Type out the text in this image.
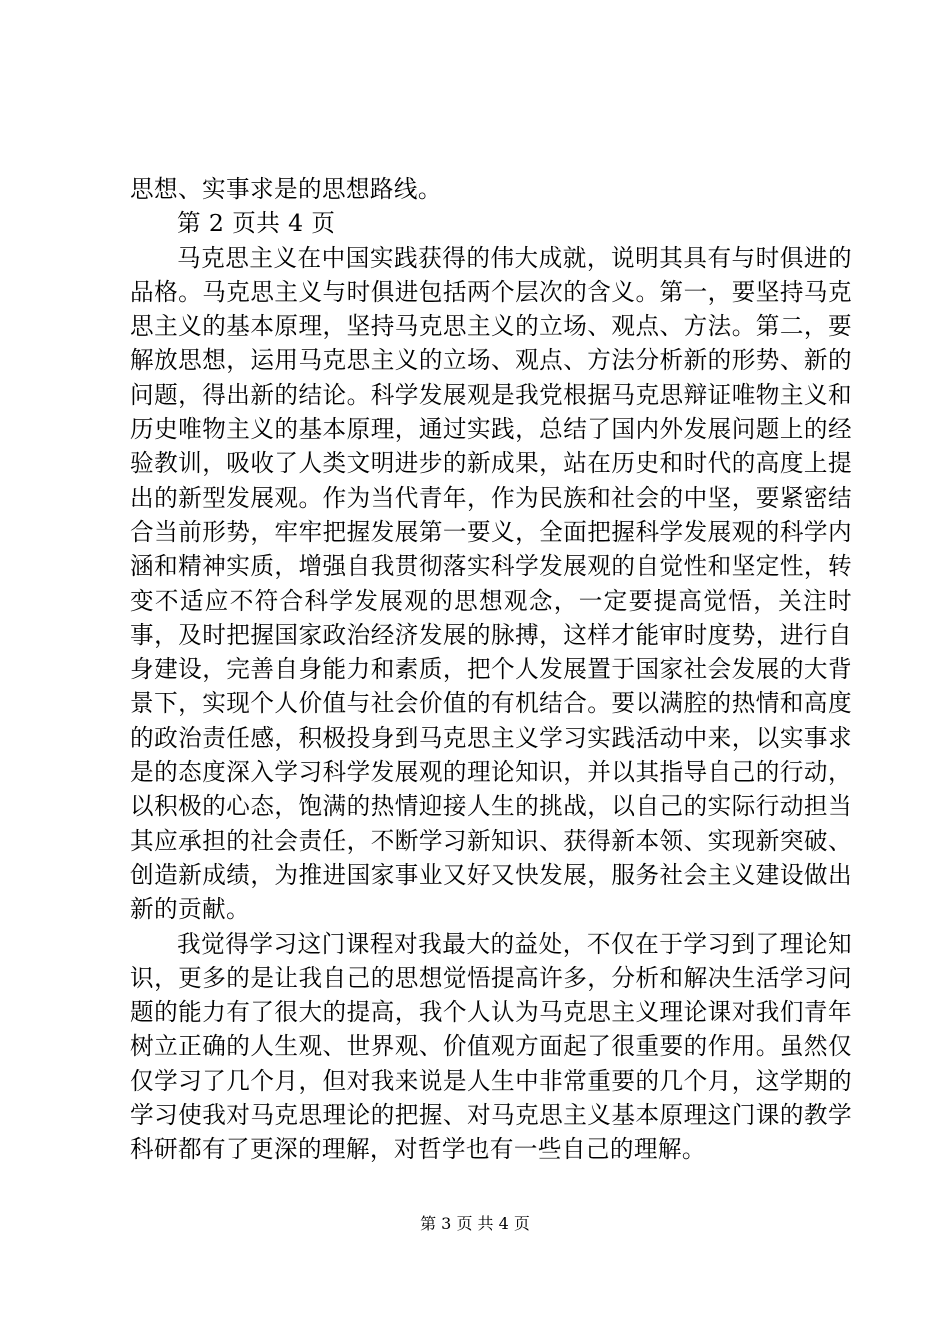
思想、实事求是的思想路线。

第 2 页共 4 页

马克思主义在中国实践获得的伟大成就，说明其具有与时俱进的品格。马克思主义与时俱进包括两个层次的含义。第一，要坚持马克思主义的基本原理，坚持马克思主义的立场、观点、方法。第二，要解放思想，运用马克思主义的立场、观点、方法分析新的形势、新的问题，得出新的结论。科学发展观是我党根据马克思辩证唯物主义和历史唯物主义的基本原理，通过实践，总结了国内外发展问题上的经验教训，吸收了人类文明进步的新成果，站在历史和时代的高度上提出的新型发展观。作为当代青年，作为民族和社会的中坚，要紧密结合当前形势，牢牢把握发展第一要义，全面把握科学发展观的科学内涵和精神实质，增强自我贯彻落实科学发展观的自觉性和坚定性，转变不适应不符合科学发展观的思想观念，一定要提高觉悟，关注时事，及时把握国家政治经济发展的脉搏，这样才能审时度势，进行自身建设，完善自身能力和素质，把个人发展置于国家社会发展的大背景下，实现个人价值与社会价值的有机结合。要以满腔的热情和高度的政治责任感，积极投身到马克思主义学习实践活动中来，以实事求是的态度深入学习科学发展观的理论知识，并以其指导自己的行动，以积极的心态，饱满的热情迎接人生的挑战，以自己的实际行动担当其应承担的社会责任，不断学习新知识、获得新本领、实现新突破、创造新成绩，为推进国家事业又好又快发展，服务社会主义建设做出新的贡献。

我觉得学习这门课程对我最大的益处，不仅在于学习到了理论知识，更多的是让我自己的思想觉悟提高许多，分析和解决生活学习问题的能力有了很大的提高，我个人认为马克思主义理论课对我们青年树立正确的人生观、世界观、价值观方面起了很重要的作用。虽然仅仅学习了几个月，但对我来说是人生中非常重要的几个月，这学期的学习使我对马克思理论的把握、对马克思主义基本原理这门课的教学科研都有了更深的理解，对哲学也有一些自己的理解。

第 3 页 共 4 页
